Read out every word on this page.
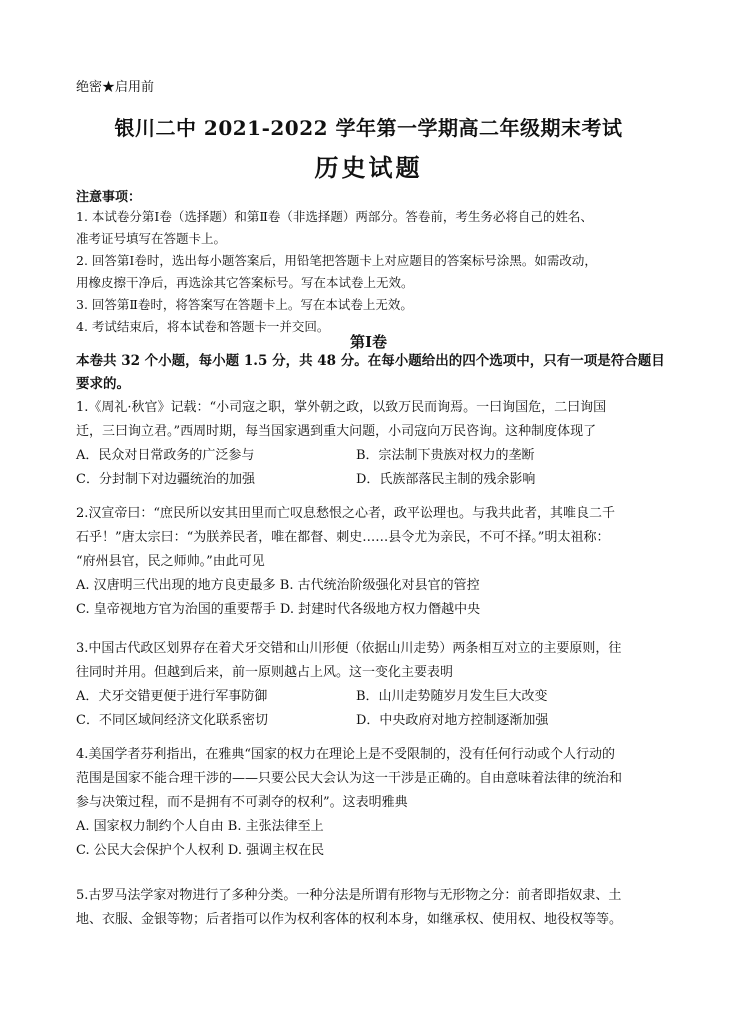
绝密★启用前
银川二中 2021-2022 学年第一学期高二年级期末考试
历史试题
注意事项：

1. 本试卷分第Ⅰ卷（选择题）和第Ⅱ卷（非选择题）两部分。答卷前，考生务必将自己的姓名、

准考证号填写在答题卡上。

2. 回答第Ⅰ卷时，选出每小题答案后，用铅笔把答题卡上对应题目的答案标号涂黑。如需改动，

用橡皮擦干净后，再选涂其它答案标号。写在本试卷上无效。

3. 回答第Ⅱ卷时，将答案写在答题卡上。写在本试卷上无效。

4. 考试结束后，将本试卷和答题卡一并交回。

第Ⅰ卷
本卷共 32 个小题，每小题 1.5 分，共 48 分。在每小题给出的四个选项中，只有一项是符合题目
要求的。

1.《周礼·秋官》记载：“小司寇之职，掌外朝之政，以致万民而询焉。一曰询国危，二曰询国

迁，三曰询立君。”西周时期，每当国家遇到重大问题，小司寇向万民咨询。这种制度体现了

A．民众对日常政务的广泛参与	B．宗法制下贵族对权力的垄断
C．分封制下对边疆统治的加强	D．氏族部落民主制的残余影响

2.汉宣帝曰：“庶民所以安其田里而亡叹息愁恨之心者，政平讼理也。与我共此者，其唯良二千

石乎！”唐太宗曰：“为朕养民者，唯在都督、刺史……县令尤为亲民，不可不择。”明太祖称：

“府州县官，民之师帅。”由此可见

A. 汉唐明三代出现的地方良吏最多 B. 古代统治阶级强化对县官的管控

C. 皇帝视地方官为治国的重要帮手 D. 封建时代各级地方权力僭越中央

3.中国古代政区划界存在着犬牙交错和山川形便（依据山川走势）两条相互对立的主要原则，往

往同时并用。但越到后来，前一原则越占上风。这一变化主要表明

A．犬牙交错更便于进行军事防御	B．山川走势随岁月发生巨大改变
C．不同区域间经济文化联系密切	D．中央政府对地方控制逐渐加强

4.美国学者芬利指出，在雅典“国家的权力在理论上是不受限制的，没有任何行动或个人行动的

范围是国家不能合理干涉的——只要公民大会认为这一干涉是正确的。自由意味着法律的统治和

参与决策过程，而不是拥有不可剥夺的权利”。这表明雅典

A. 国家权力制约个人自由 B. 主张法律至上

C. 公民大会保护个人权利 D. 强调主权在民

5.古罗马法学家对物进行了多种分类。一种分法是所谓有形物与无形物之分：前者即指奴隶、土

地、衣服、金银等物；后者指可以作为权利客体的权利本身，如继承权、使用权、地役权等等。
